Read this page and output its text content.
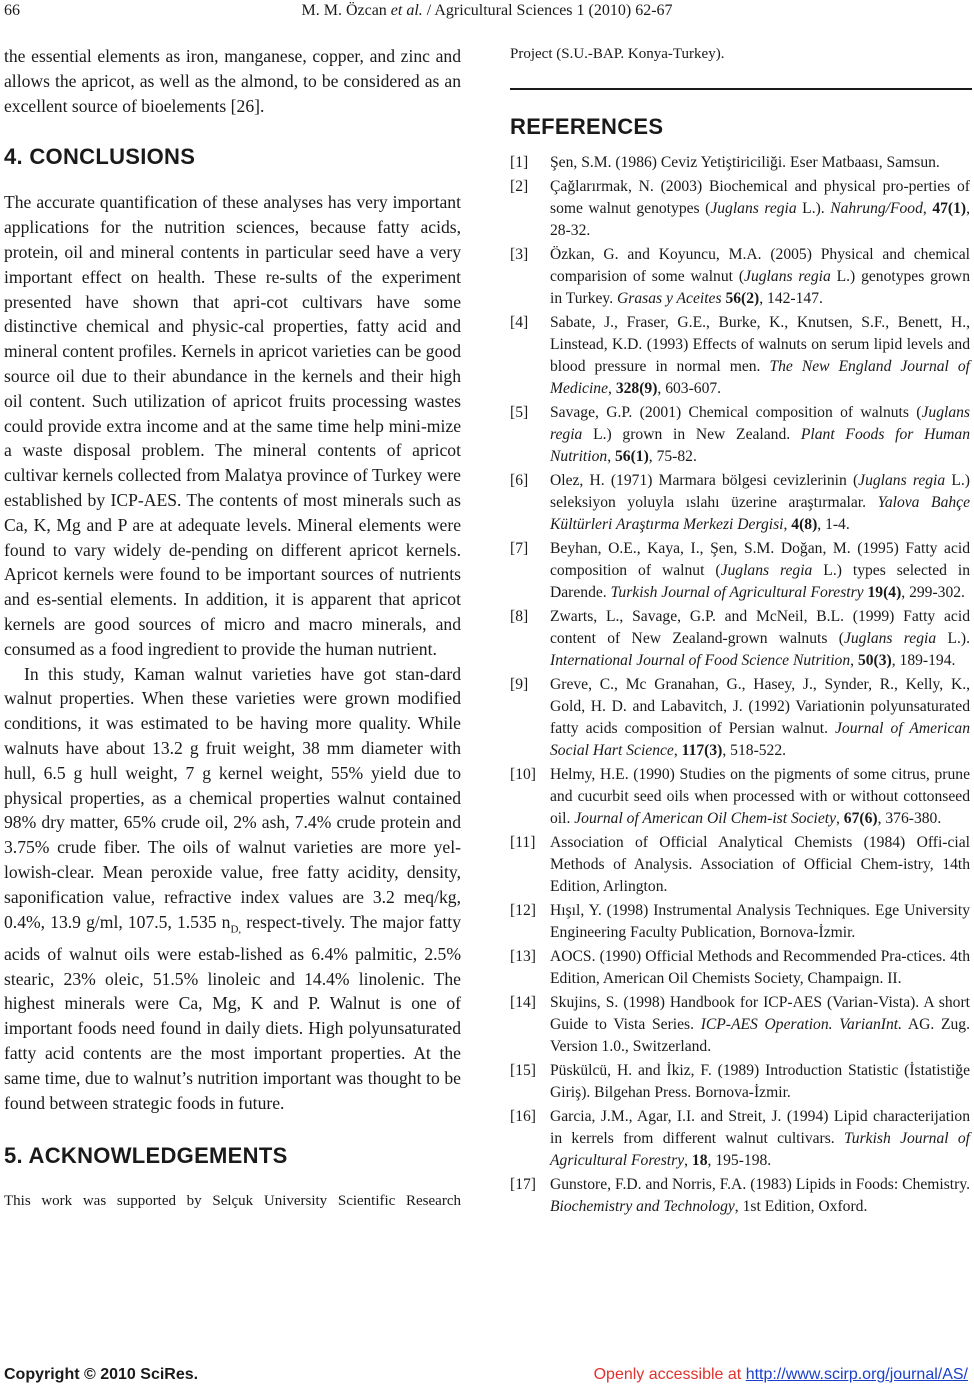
66	M. M. Özcan et al. / Agricultural Sciences 1 (2010) 62-67

the essential elements as iron, manganese, copper, and zinc and allows the apricot, as well as the almond, to be considered as an excellent source of bioelements [26].

4. CONCLUSIONS

The accurate quantification of these analyses has very important applications for the nutrition sciences, because fatty acids, protein, oil and mineral contents in particular seed have a very important effect on health. These re-sults of the experiment presented have shown that apri-cot cultivars have some distinctive chemical and physic-cal properties, fatty acid and mineral content profiles. Kernels in apricot varieties can be good source oil due to their abundance in the kernels and their high oil content. Such utilization of apricot fruits processing wastes could provide extra income and at the same time help mini-mize a waste disposal problem. The mineral contents of apricot cultivar kernels collected from Malatya province of Turkey were established by ICP-AES. The contents of most minerals such as Ca, K, Mg and P are at adequate levels. Mineral elements were found to vary widely de-pending on different apricot kernels. Apricot kernels were found to be important sources of nutrients and es-sential elements. In addition, it is apparent that apricot kernels are good sources of micro and macro minerals, and consumed as a food ingredient to provide the human nutrient.

In this study, Kaman walnut varieties have got stan-dard walnut properties. When these varieties were grown modified conditions, it was estimated to be having more quality. While walnuts have about 13.2 g fruit weight, 38 mm diameter with hull, 6.5 g hull weight, 7 g kernel weight, 55% yield due to physical properties, as a chemical properties walnut contained 98% dry matter, 65% crude oil, 2% ash, 7.4% crude protein and 3.75% crude fiber. The oils of walnut varieties are more yel-lowish-clear. Mean peroxide value, free fatty acidity, density, saponification value, refractive index values are 3.2 meq/kg, 0.4%, 13.9 g/ml, 107.5, 1.535 $n_{D,}$ respect-tively. The major fatty acids of walnut oils were estab-lished as 6.4% palmitic, 2.5% stearic, 23% oleic, 51.5% linoleic and 14.4% linolenic. The highest minerals were Ca, Mg, K and P. Walnut is one of important foods need found in daily diets. High polyunsaturated fatty acid contents are the most important properties. At the same time, due to walnut’s nutrition important was thought to be found between strategic foods in future.

5. ACKNOWLEDGEMENTS

This work was supported by Selçuk University Scientific Research

Project (S.U.-BAP. Konya-Turkey).

REFERENCES
[1] Şen, S.M. (1986) Ceviz Yetiştiriciliği. Eser Matbaası, Samsun.
[2] Çağlarırmak, N. (2003) Biochemical and physical pro-perties of some walnut genotypes (Juglans regia L.). Nahrung/Food, 47(1), 28-32.
[3] Özkan, G. and Koyuncu, M.A. (2005) Physical and chemical comparision of some walnut (Juglans regia L.) genotypes grown in Turkey. Grasas y Aceites 56(2), 142-147.
[4] Sabate, J., Fraser, G.E., Burke, K., Knutsen, S.F., Benett, H., Linstead, K.D. (1993) Effects of walnuts on serum lipid levels and blood pressure in normal men. The New England Journal of Medicine, 328(9), 603-607.
[5] Savage, G.P. (2001) Chemical composition of walnuts (Juglans regia L.) grown in New Zealand. Plant Foods for Human Nutrition, 56(1), 75-82.
[6] Olez, H. (1971) Marmara bölgesi cevizlerinin (Juglans regia L.) seleksiyon yoluyla ıslahı üzerine araştırmalar. Yalova Bahçe Kültürleri Araştırma Merkezi Dergisi, 4(8), 1-4.
[7] Beyhan, O.E., Kaya, I., Şen, S.M. Doğan, M. (1995) Fatty acid composition of walnut (Juglans regia L.) types selected in Darende. Turkish Journal of Agricultural Forestry 19(4), 299-302.
[8] Zwarts, L., Savage, G.P. and McNeil, B.L. (1999) Fatty acid content of New Zealand-grown walnuts (Juglans regia L.). International Journal of Food Science Nutrition, 50(3), 189-194.
[9] Greve, C., Mc Granahan, G., Hasey, J., Synder, R., Kelly, K., Gold, H. D. and Labavitch, J. (1992) Variationin polyunsaturated fatty acids composition of Persian walnut. Journal of American Social Hart Science, 117(3), 518-522.
[10] Helmy, H.E. (1990) Studies on the pigments of some citrus, prune and cucurbit seed oils when processed with or without cottonseed oil. Journal of American Oil Chem-ist Society, 67(6), 376-380.
[11] Association of Official Analytical Chemists (1984) Offi-cial Methods of Analysis. Association of Official Chem-istry, 14th Edition, Arlington.
[12] Hışıl, Y. (1998) Instrumental Analysis Techniques. Ege University Engineering Faculty Publication, Bornova-İzmir.
[13] AOCS. (1990) Official Methods and Recommended Pra-ctices. 4th Edition, American Oil Chemists Society, Champaign. II.
[14] Skujins, S. (1998) Handbook for ICP-AES (Varian-Vista). A short Guide to Vista Series. ICP-AES Operation. VarianInt. AG. Zug. Version 1.0., Switzerland.
[15] Püskülcü, H. and İkiz, F. (1989) Introduction Statistic (İstatistiğe Giriş). Bilgehan Press. Bornova-İzmir.
[16] Garcia, J.M., Agar, I.I. and Streit, J. (1994) Lipid characterijation in kerrels from different walnut cultivars. Turkish Journal of Agricultural Forestry, 18, 195-198.
[17] Gunstore, F.D. and Norris, F.A. (1983) Lipids in Foods: Chemistry. Biochemistry and Technology, 1st Edition, Oxford.
Copyright © 2010 SciRes.	Openly accessible at http://www.scirp.org/journal/AS/
